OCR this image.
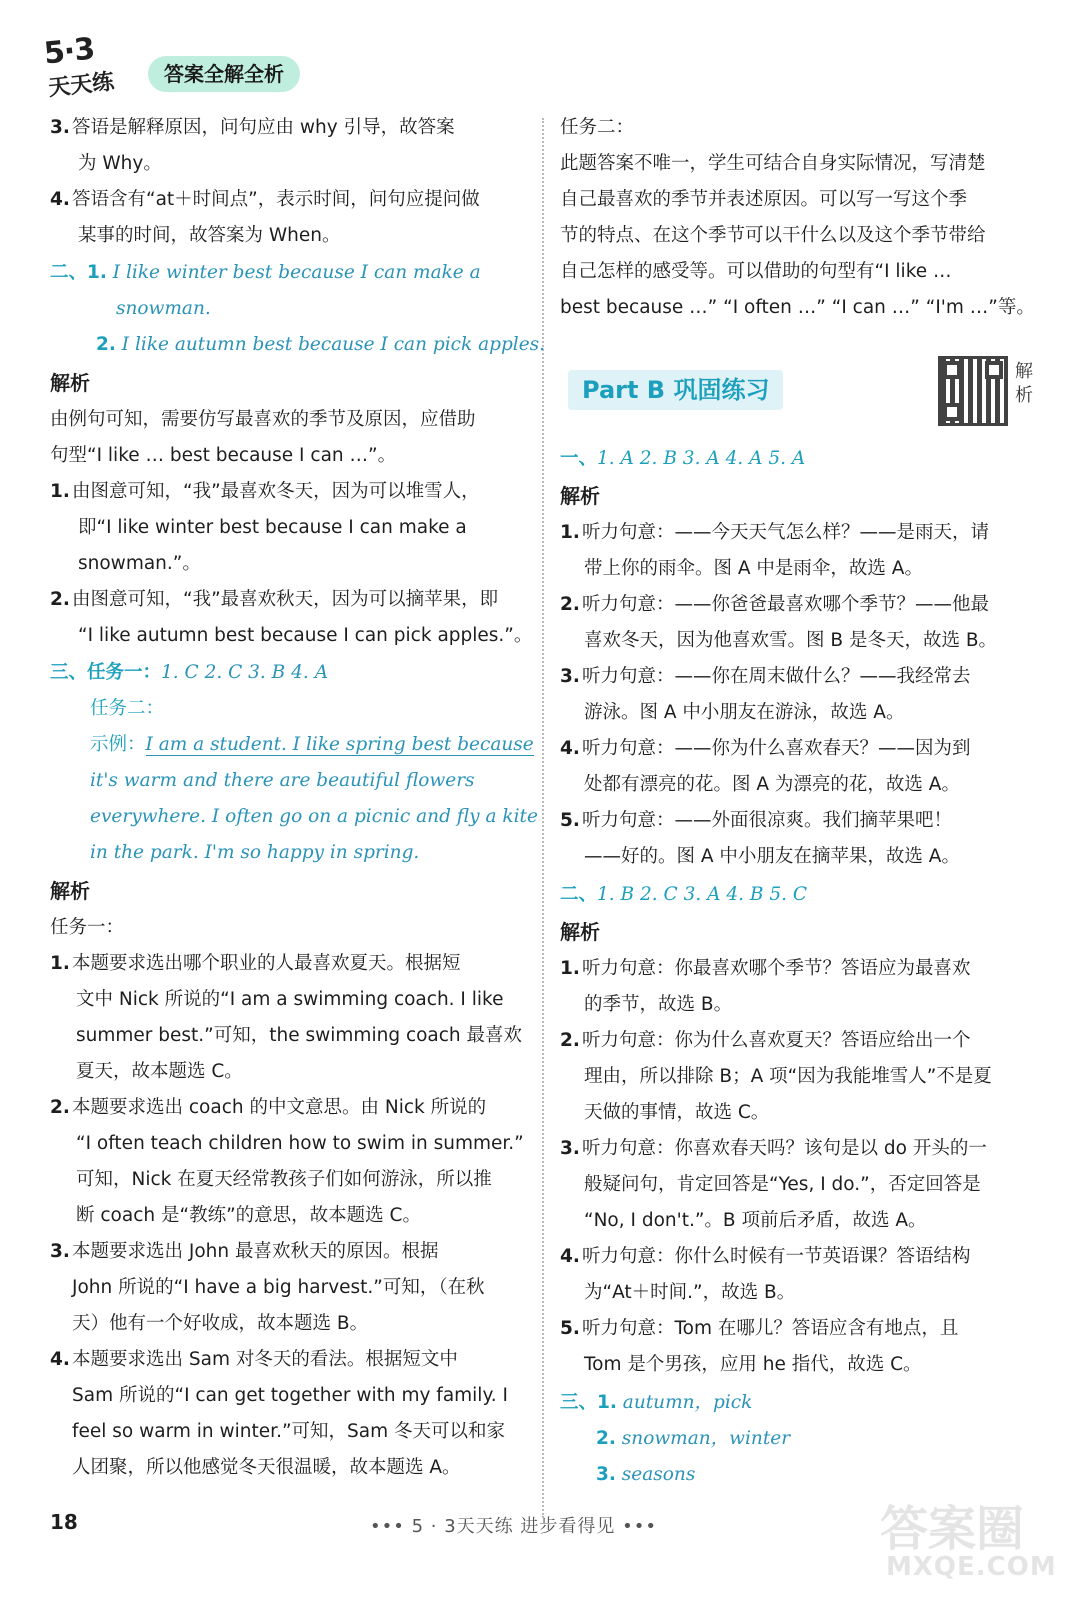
5·3
天天练	答案全解全析
3. 答语是解释原因，问句应由 why 引导，故答案
为 Why。
4. 答语含有“at＋时间点”，表示时间，问句应提问做
某事的时间，故答案为 When。
二、1. I like winter best because I can make a
snowman.
2. I like autumn best because I can pick apples.
解析
由例句可知，需要仿写最喜欢的季节及原因，应借助
句型“I like … best because I can …”。
1. 由图意可知，“我”最喜欢冬天，因为可以堆雪人，
即“I like winter best because I can make a
snowman.”。
2. 由图意可知，“我”最喜欢秋天，因为可以摘苹果，即
“I like autumn best because I can pick apples.”。
三、任务一：1. C 2. C 3. B 4. A
任务二：
示例：I am a student. I like spring best because
it's warm and there are beautiful flowers
everywhere. I often go on a picnic and fly a kite
in the park. I'm so happy in spring.
解析
任务一：
1. 本题要求选出哪个职业的人最喜欢夏天。根据短
文中 Nick 所说的“I am a swimming coach. I like
summer best.”可知，the swimming coach 最喜欢
夏天，故本题选 C。
2. 本题要求选出 coach 的中文意思。由 Nick 所说的
“I often teach children how to swim in summer.”
可知，Nick 在夏天经常教孩子们如何游泳，所以推
断 coach 是“教练”的意思，故本题选 C。
3. 本题要求选出 John 最喜欢秋天的原因。根据
John 所说的“I have a big harvest.”可知，（在秋
天）他有一个好收成，故本题选 B。
4. 本题要求选出 Sam 对冬天的看法。根据短文中
Sam 所说的“I can get together with my family. I
feel so warm in winter.”可知，Sam 冬天可以和家
人团聚，所以他感觉冬天很温暖，故本题选 A。
任务二：
此题答案不唯一，学生可结合自身实际情况，写清楚
自己最喜欢的季节并表述原因。可以写一写这个季
节的特点、在这个季节可以干什么以及这个季节带给
自己怎样的感受等。可以借助的句型有“I like …
best because …” “I often …” “I can …” “I'm …”等。
Part B 巩固练习
解析
一、1. A 2. B 3. A 4. A 5. A
解析
1. 听力句意：——今天天气怎么样？——是雨天，请
带上你的雨伞。图 A 中是雨伞，故选 A。
2. 听力句意：——你爸爸最喜欢哪个季节？——他最
喜欢冬天，因为他喜欢雪。图 B 是冬天，故选 B。
3. 听力句意：——你在周末做什么？——我经常去
游泳。图 A 中小朋友在游泳，故选 A。
4. 听力句意：——你为什么喜欢春天？——因为到
处都有漂亮的花。图 A 为漂亮的花，故选 A。
5. 听力句意：——外面很凉爽。我们摘苹果吧！
——好的。图 A 中小朋友在摘苹果，故选 A。
二、1. B 2. C 3. A 4. B 5. C
解析
1. 听力句意：你最喜欢哪个季节？答语应为最喜欢
的季节，故选 B。
2. 听力句意：你为什么喜欢夏天？答语应给出一个
理由，所以排除 B；A 项“因为我能堆雪人”不是夏
天做的事情，故选 C。
3. 听力句意：你喜欢春天吗？该句是以 do 开头的一
般疑问句，肯定回答是“Yes, I do.”，否定回答是
“No, I don't.”。B 项前后矛盾，故选 A。
4. 听力句意：你什么时候有一节英语课？答语结构
为“At＋时间.”，故选 B。
5. 听力句意：Tom 在哪儿？答语应含有地点，且
Tom 是个男孩，应用 he 指代，故选 C。
三、1. autumn，pick
2. snowman，winter
3. seasons
18	••• 5 · 3天天练 进步看得见 •••	答案圈
MXQE.COM
